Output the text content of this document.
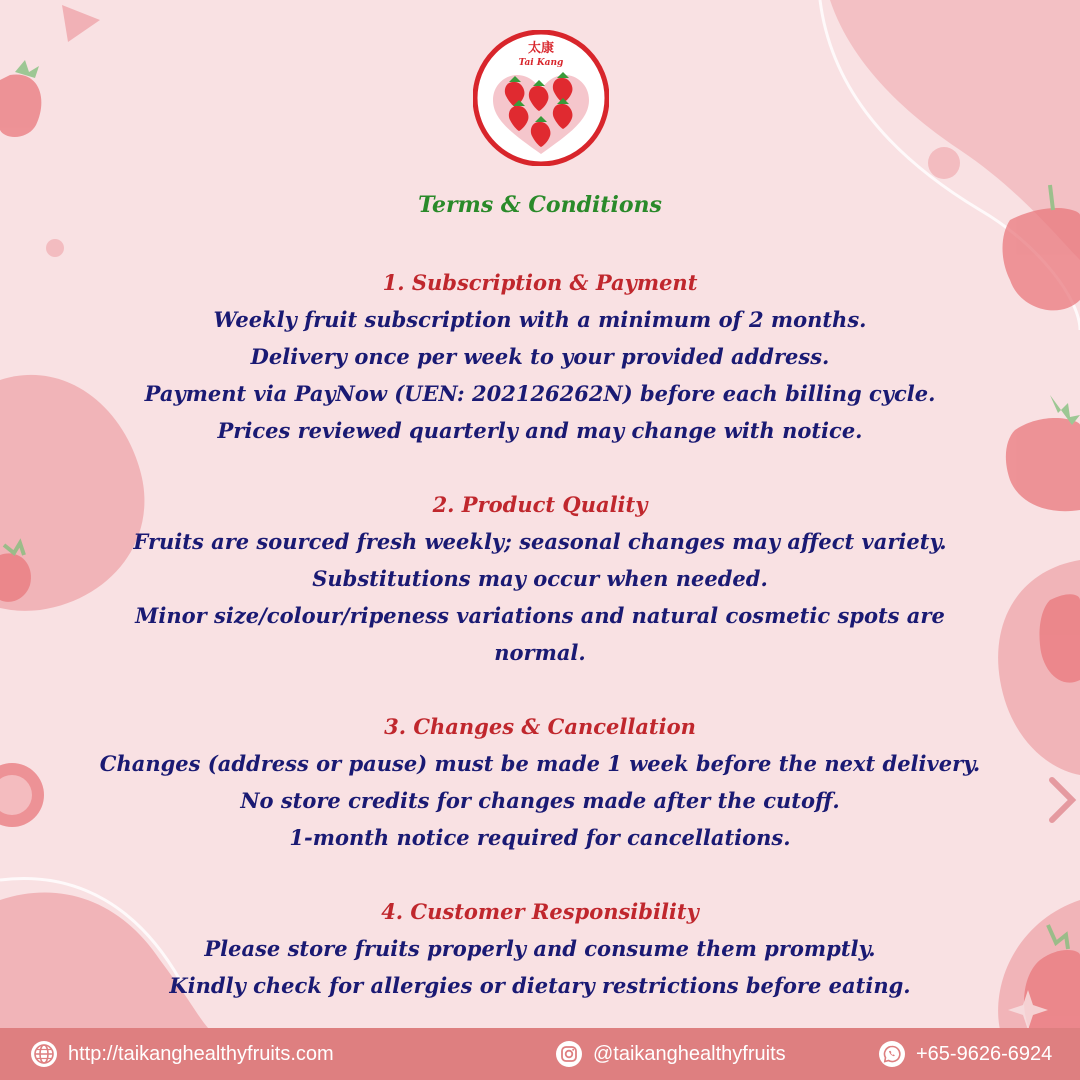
太康
Tai Kang
Terms & Conditions

1. Subscription & Payment

Weekly fruit subscription with a minimum of 2 months.

Delivery once per week to your provided address.

Payment via PayNow (UEN: 202126262N) before each billing cycle.

Prices reviewed quarterly and may change with notice.

2. Product Quality

Fruits are sourced fresh weekly; seasonal changes may affect variety.

Substitutions may occur when needed.

Minor size/colour/ripeness variations and natural cosmetic spots are

normal.

3. Changes & Cancellation

Changes (address or pause) must be made 1 week before the next delivery.

No store credits for changes made after the cutoff.

1-month notice required for cancellations.

4. Customer Responsibility

Please store fruits properly and consume them promptly.

Kindly check for allergies or dietary restrictions before eating.

http://taikanghealthyfruits.com	@taikanghealthyfruits	+65-9626-6924
